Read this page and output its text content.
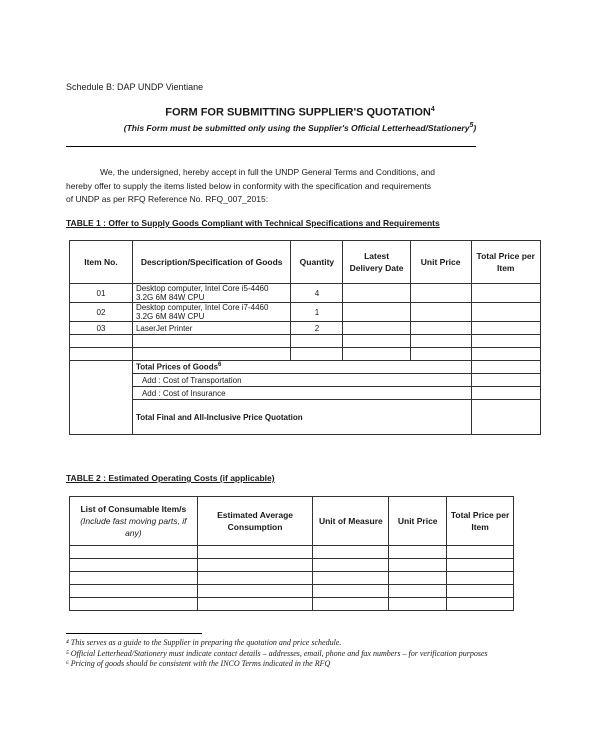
Schedule B: DAP UNDP Vientiane
FORM FOR SUBMITTING SUPPLIER'S QUOTATION$^4$
(This Form must be submitted only using the Supplier's Official Letterhead/Stationery$^5$)
We, the undersigned, hereby accept in full the UNDP General Terms and Conditions, and
hereby offer to supply the items listed below in conformity with the specification and requirements
of UNDP as per RFQ Reference No. RFQ_007_2015:
TABLE 1 : Offer to Supply Goods Compliant with Technical Specifications and Requirements
Item No.	Description/Specification of Goods	Quantity	Latest Delivery Date	Unit Price	Total Price per Item
01	Desktop computer, Intel Core i5-4460 3.2G 6M 84W CPU	4			
02	Desktop computer, Intel Core i7-4460 3.2G 6M 84W CPU	1			
03	LaserJet Printer	2			

	Total Prices of Goods$^6$	
	Add : Cost of Transportation				
	Add : Cost of Insurance				
	Total Final and All-Inclusive Price Quotation				
TABLE 2 : Estimated Operating Costs (if applicable)
List of Consumable Item/s
(Include fast moving parts, if any)	Estimated Average Consumption	Unit of Measure	Unit Price	Total Price per Item

⁴ This serves as a guide to the Supplier in preparing the quotation and price schedule.
⁵ Official Letterhead/Stationery must indicate contact details – addresses, email, phone and fax numbers – for verification purposes
⁶ Pricing of goods should be consistent with the INCO Terms indicated in the RFQ
